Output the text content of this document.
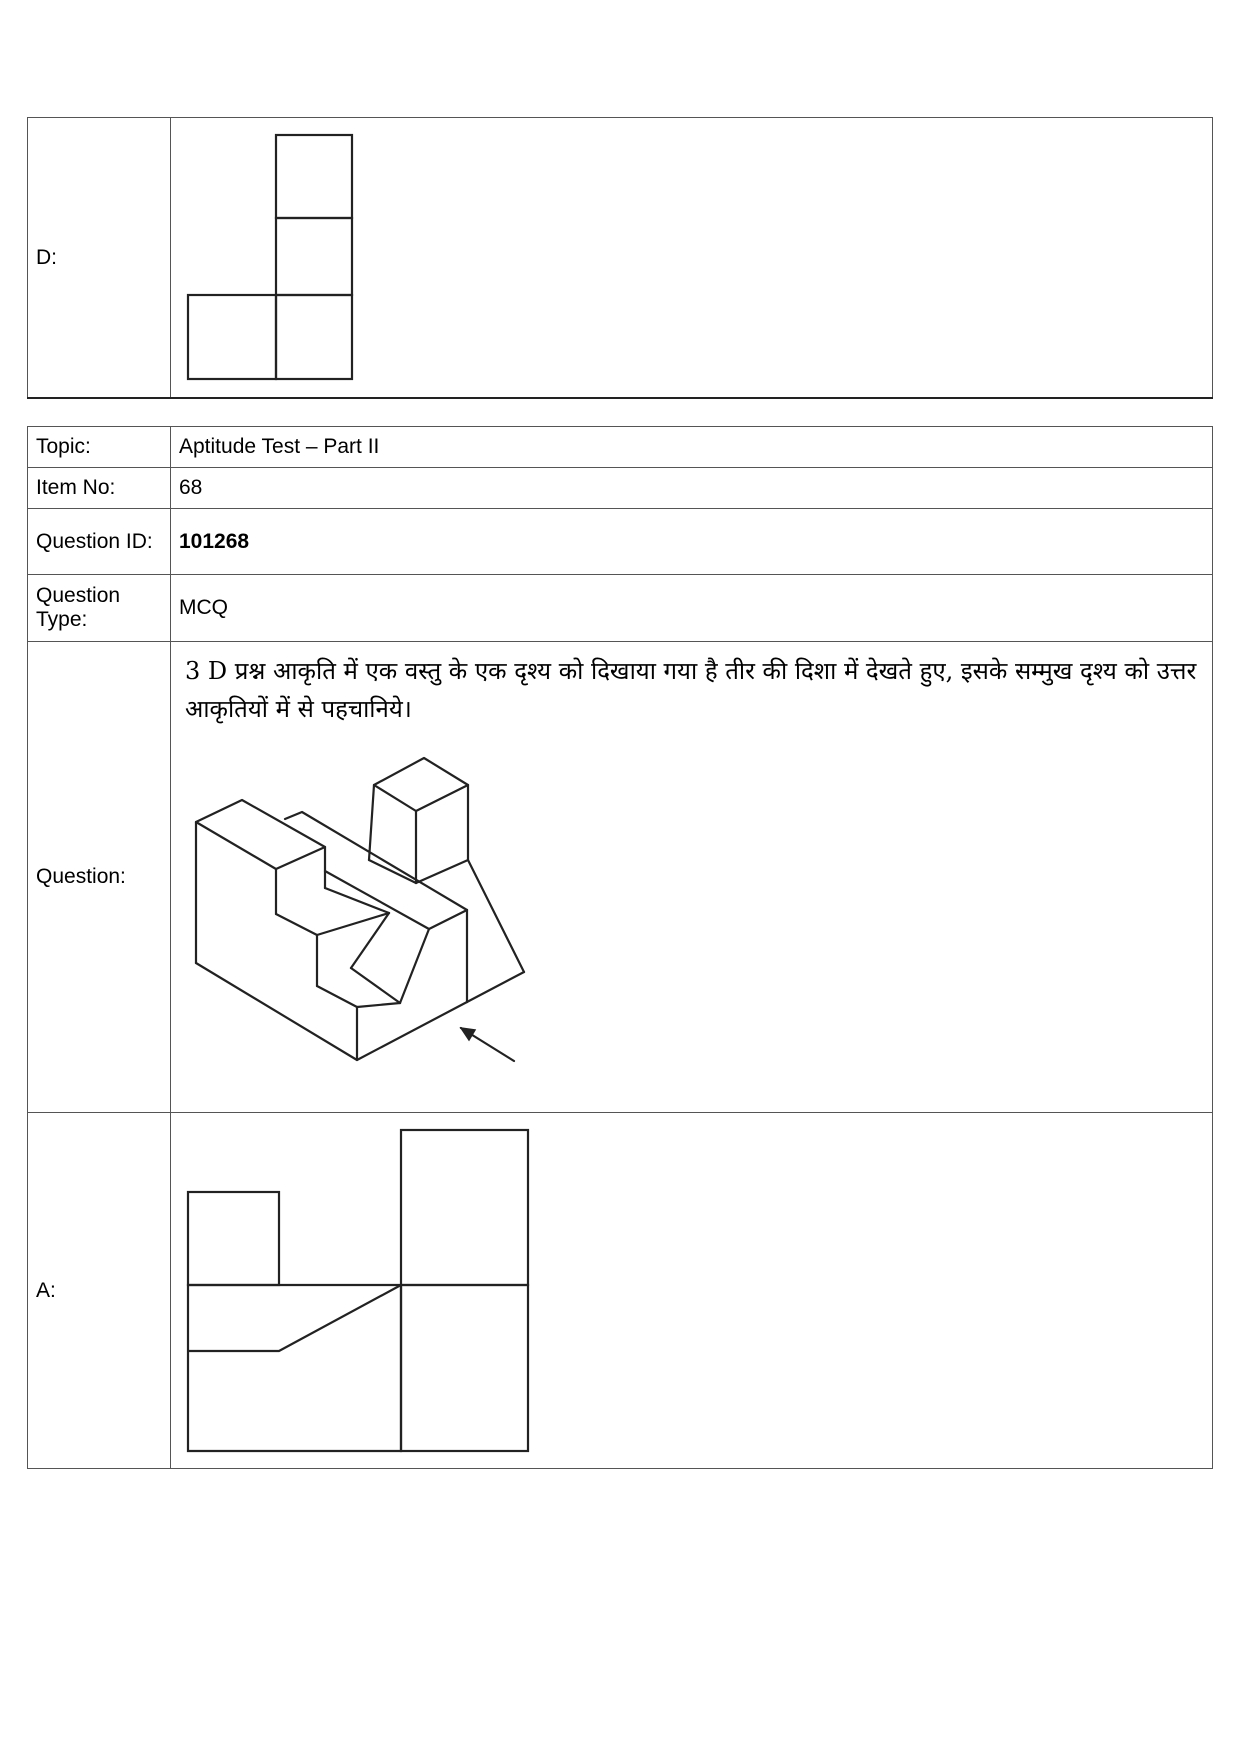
D:	
Topic:	Aptitude Test – Part II
Item No:	68
Question ID:	101268
Question Type:	MCQ
Question:	3 D प्रश्न आकृति में एक वस्तु के एक दृश्य को दिखाया गया है तीर की दिशा में देखते हुए, इसके सम्मुख दृश्य को उत्तर आकृतियों में से पहचानिये।

A:	
